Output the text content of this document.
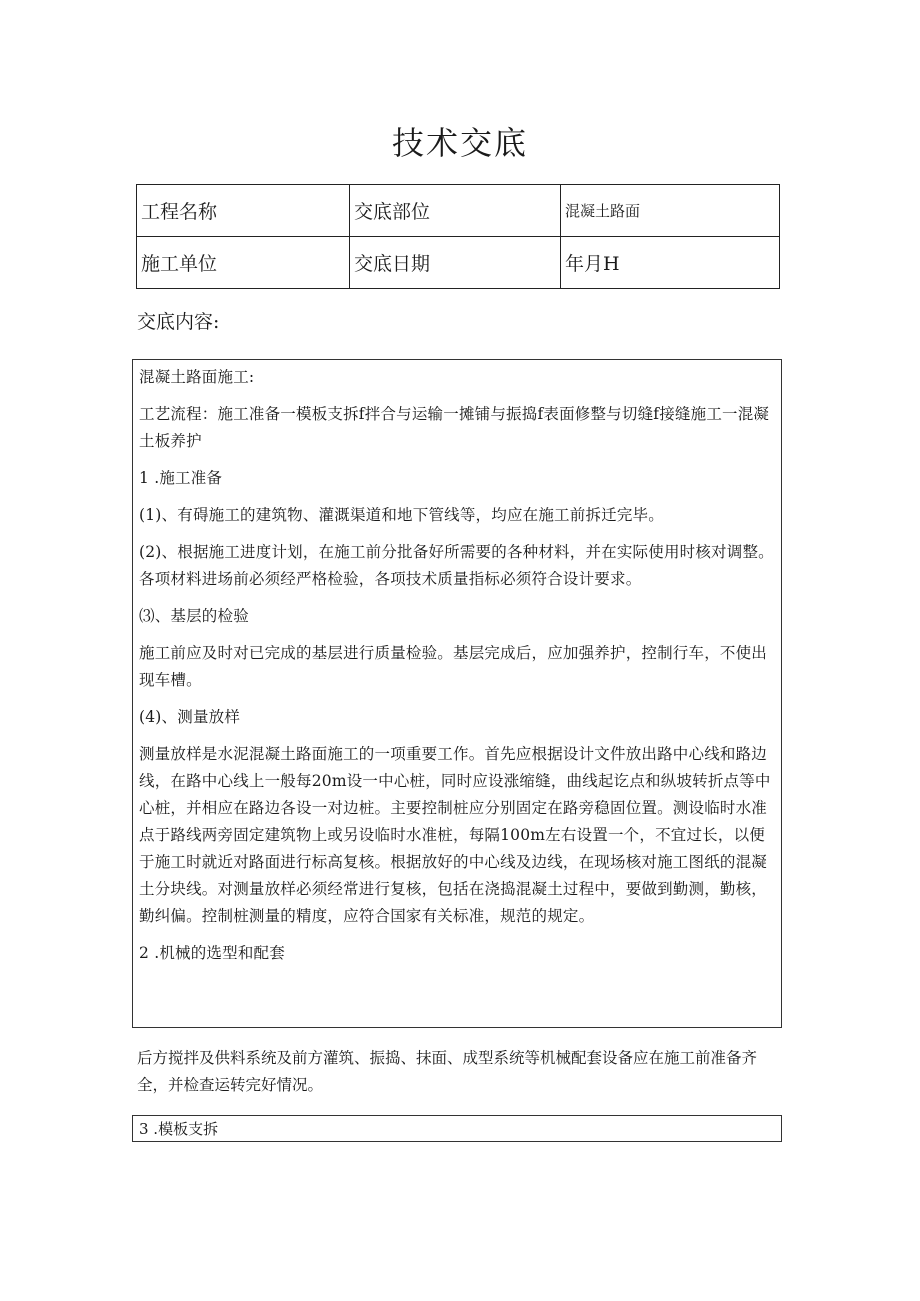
技术交底
工程名称	交底部位	混凝土路面
施工单位	交底日期	年月H
交底内容:

混凝土路面施工:

工艺流程：施工准备一模板支拆f拌合与运输一摊铺与振捣f表面修整与切缝f接缝施工一混凝土板养护

1 .施工准备

(1)、有碍施工的建筑物、灌溉渠道和地下管线等，均应在施工前拆迁完毕。

(2)、根据施工进度计划，在施工前分批备好所需要的各种材料，并在实际使用时核对调整。各项材料进场前必须经严格检验，各项技术质量指标必须符合设计要求。

⑶、基层的检验

施工前应及时对已完成的基层进行质量检验。基层完成后，应加强养护，控制行车，不使出现车槽。

(4)、测量放样

测量放样是水泥混凝土路面施工的一项重要工作。首先应根据设计文件放出路中心线和路边线，在路中心线上一般每20m设一中心桩，同时应设涨缩缝，曲线起讫点和纵坡转折点等中心桩，并相应在路边各设一对边桩。主要控制桩应分别固定在路旁稳固位置。测设临时水准点于路线两旁固定建筑物上或另设临时水准桩，每隔100m左右设置一个，不宜过长，以便于施工时就近对路面进行标高复核。根据放好的中心线及边线，在现场核对施工图纸的混凝土分块线。对测量放样必须经常进行复核，包括在浇捣混凝土过程中，要做到勤测，勤核，勤纠偏。控制桩测量的精度，应符合国家有关标准，规范的规定。

2 .机械的选型和配套

后方搅拌及供料系统及前方灌筑、振捣、抹面、成型系统等机械配套设备应在施工前准备齐全，并检查运转完好情况。

3 .模板支拆
